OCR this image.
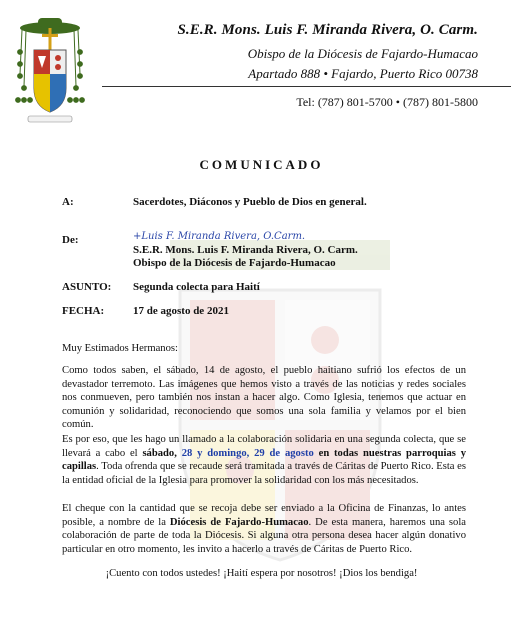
S.E.R. Mons. Luis F. Miranda Rivera, O. Carm.
Obispo de la Diócesis de Fajardo-Humacao
Apartado 888 • Fajardo, Puerto Rico 00738
Tel: (787) 801-5700 • (787) 801-5800
COMUNICADO
A:	Sacerdotes, Diáconos y Pueblo de Dios en general.
De:	+Luis F. Miranda Rivera, O.Carm.
S.E.R. Mons. Luis F. Miranda Rivera, O. Carm.
Obispo de la Diócesis de Fajardo-Humacao
ASUNTO: Segunda colecta para Haití
FECHA:	17 de agosto de 2021
Muy Estimados Hermanos:
Como todos saben, el sábado, 14 de agosto, el pueblo haitiano sufrió los efectos de un devastador terremoto. Las imágenes que hemos visto a través de las noticias y redes sociales nos conmueven, pero también nos instan a hacer algo. Como Iglesia, tenemos que actuar en comunión y solidaridad, reconociendo que somos una sola familia y velamos por el bien común.
Es por eso, que les hago un llamado a la colaboración solidaria en una segunda colecta, que se llevará a cabo el sábado, 28 y domingo, 29 de agosto en todas nuestras parroquias y capillas. Toda ofrenda que se recaude será tramitada a través de Cáritas de Puerto Rico. Esta es la entidad oficial de la Iglesia para promover la solidaridad con los más necesitados.
El cheque con la cantidad que se recoja debe ser enviado a la Oficina de Finanzas, lo antes posible, a nombre de la Diócesis de Fajardo-Humacao. De esta manera, haremos una sola colaboración de parte de toda la Diócesis. Si alguna otra persona desea hacer algún donativo particular en otro momento, les invito a hacerlo a través de Cáritas de Puerto Rico.
¡Cuento con todos ustedes! ¡Haití espera por nosotros! ¡Dios los bendiga!
